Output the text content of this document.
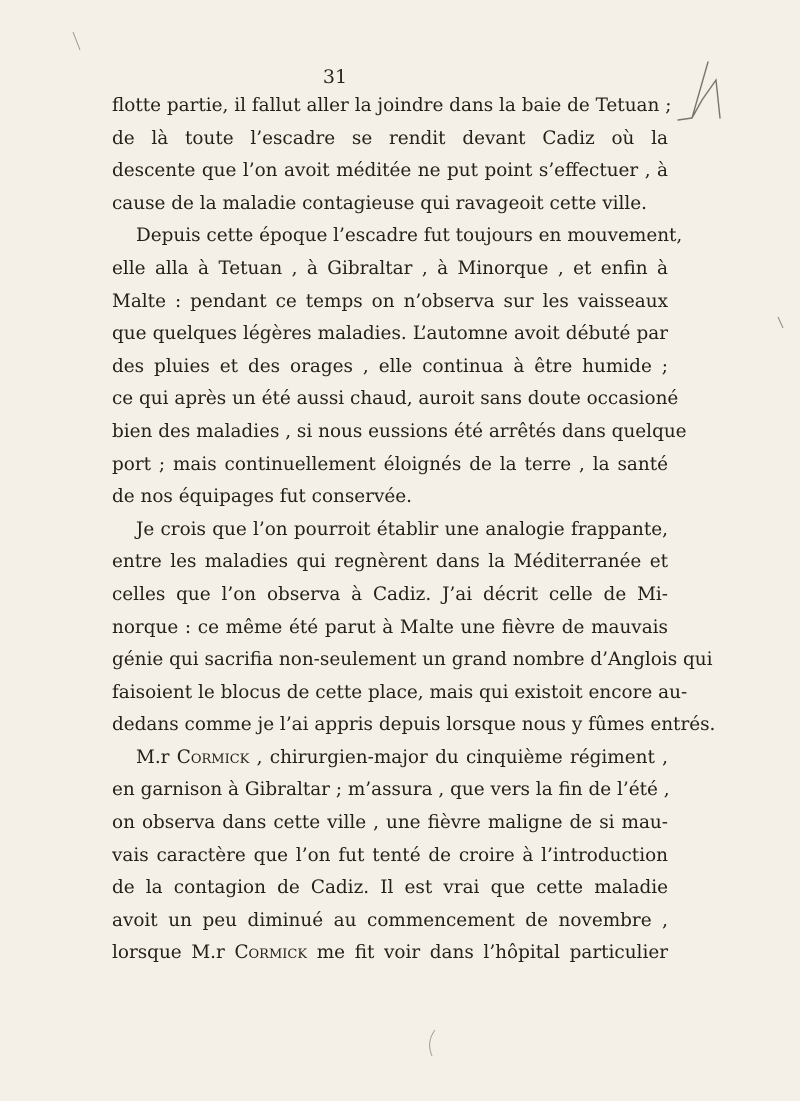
31
flotte partie, il fallut aller la joindre dans la baie de Tetuan ;
de là toute l’escadre se rendit devant Cadiz où la
descente que l’on avoit méditée ne put point s’effectuer , à
cause de la maladie contagieuse qui ravageoit cette ville.
Depuis cette époque l’escadre fut toujours en mouvement,
elle alla à Tetuan , à Gibraltar , à Minorque , et enfin à
Malte : pendant ce temps on n’observa sur les vaisseaux
que quelques légères maladies. L’automne avoit débuté par
des pluies et des orages , elle continua à être humide ;
ce qui après un été aussi chaud, auroit sans doute occasioné
bien des maladies , si nous eussions été arrêtés dans quelque
port ; mais continuellement éloignés de la terre , la santé
de nos équipages fut conservée.
Je crois que l’on pourroit établir une analogie frappante,
entre les maladies qui regnèrent dans la Méditerranée et
celles que l’on observa à Cadiz. J’ai décrit celle de Mi-
norque : ce même été parut à Malte une fièvre de mauvais
génie qui sacrifia non-seulement un grand nombre d’Anglois qui
faisoient le blocus de cette place, mais qui existoit encore au-
dedans comme je l’ai appris depuis lorsque nous y fûmes entrés.
M.r Cormick , chirurgien-major du cinquième régiment ,
en garnison à Gibraltar ; m’assura , que vers la fin de l’été ,
on observa dans cette ville , une fièvre maligne de si mau-
vais caractère que l’on fut tenté de croire à l’introduction
de la contagion de Cadiz. Il est vrai que cette maladie
avoit un peu diminué au commencement de novembre ,
lorsque M.r Cormick me fit voir dans l’hôpital particulier
